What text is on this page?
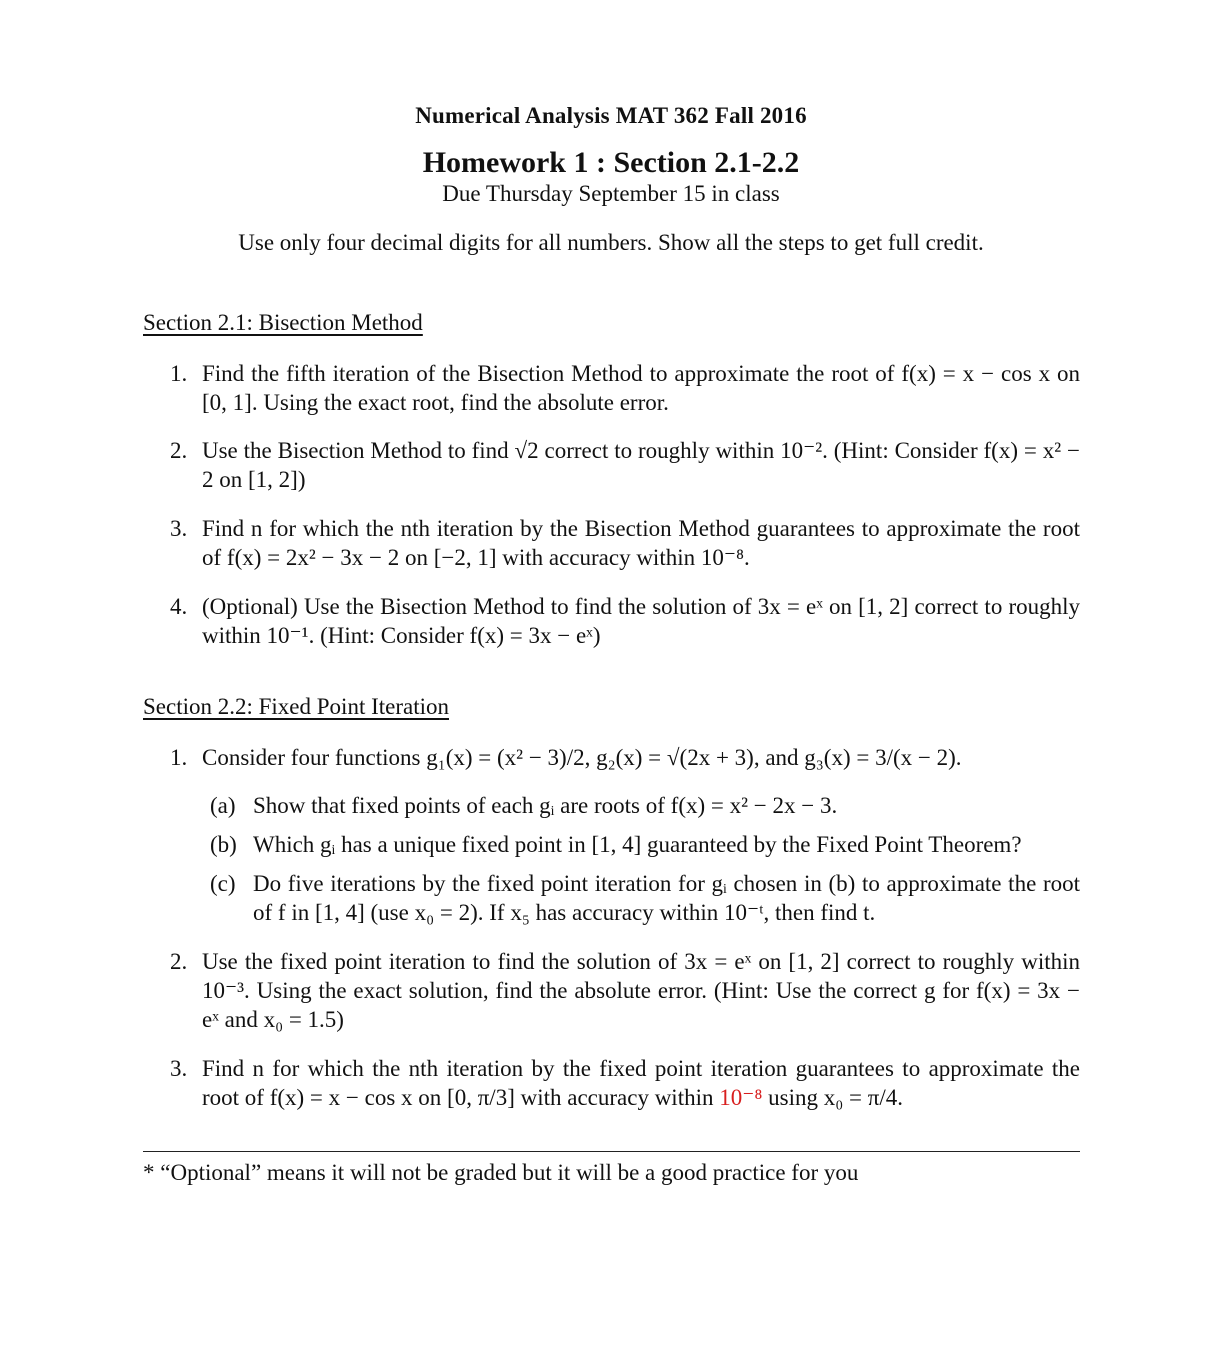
Numerical Analysis MAT 362 Fall 2016
Homework 1 : Section 2.1-2.2
Due Thursday September 15 in class
Use only four decimal digits for all numbers. Show all the steps to get full credit.
Section 2.1: Bisection Method
1. Find the fifth iteration of the Bisection Method to approximate the root of f(x) = x − cos x on [0, 1]. Using the exact root, find the absolute error.
2. Use the Bisection Method to find √2 correct to roughly within 10⁻². (Hint: Consider f(x) = x² − 2 on [1, 2])
3. Find n for which the nth iteration by the Bisection Method guarantees to approximate the root of f(x) = 2x² − 3x − 2 on [−2, 1] with accuracy within 10⁻⁸.
4. (Optional) Use the Bisection Method to find the solution of 3x = eˣ on [1, 2] correct to roughly within 10⁻¹. (Hint: Consider f(x) = 3x − eˣ)
Section 2.2: Fixed Point Iteration
1. Consider four functions g₁(x) = (x² − 3)/2, g₂(x) = √(2x + 3), and g₃(x) = 3/(x − 2).
(a) Show that fixed points of each gᵢ are roots of f(x) = x² − 2x − 3.
(b) Which gᵢ has a unique fixed point in [1, 4] guaranteed by the Fixed Point Theorem?
(c) Do five iterations by the fixed point iteration for gᵢ chosen in (b) to approximate the root of f in [1, 4] (use x₀ = 2). If x₅ has accuracy within 10⁻ᵗ, then find t.
2. Use the fixed point iteration to find the solution of 3x = eˣ on [1, 2] correct to roughly within 10⁻³. Using the exact solution, find the absolute error. (Hint: Use the correct g for f(x) = 3x − eˣ and x₀ = 1.5)
3. Find n for which the nth iteration by the fixed point iteration guarantees to approximate the root of f(x) = x − cos x on [0, π/3] with accuracy within 10⁻⁸ using x₀ = π/4.
* “Optional” means it will not be graded but it will be a good practice for you
